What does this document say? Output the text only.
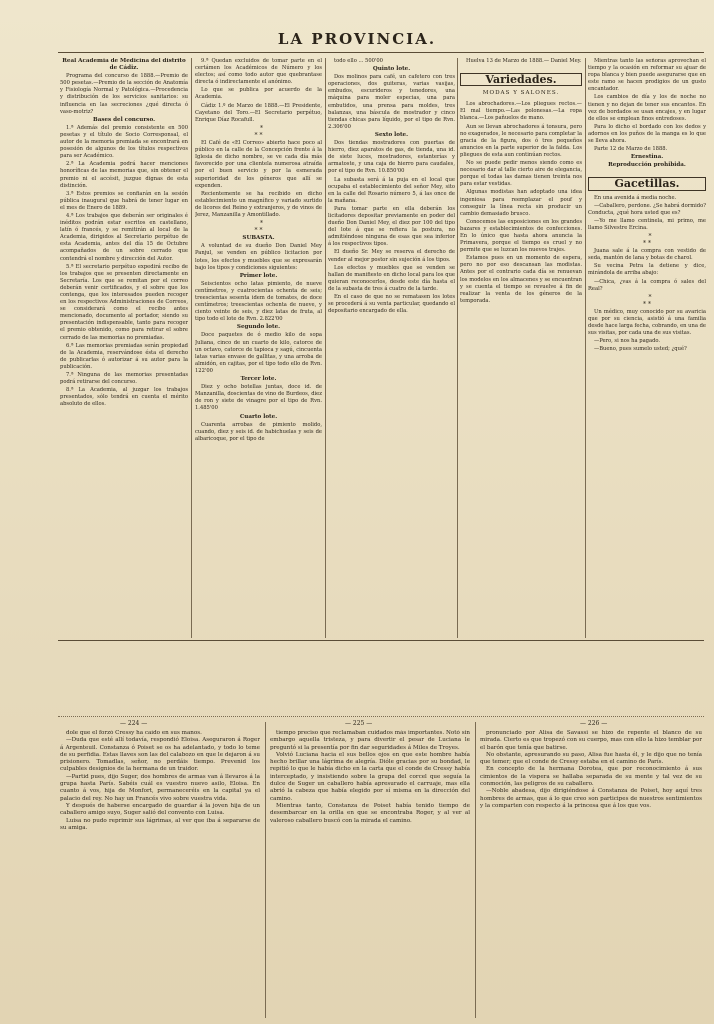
LA PROVINCIA.

Real Academia de Medicina del distrito de Cádiz.

Programa del concurso de 1888.—Premio de 500 pesetas.—Premio de la sección de Anatomía y Fisiología Normal y Patológica.—Procedencia y distribución de los servicios sanitarios: su influencia en las secreciones ¿qué directa ó vaso-motriz?

Bases del concurso.

1.ª Además del premio consistente en 500 pesetas y el título de Socio Corresponsal, el autor de la memoria premiada se encontrará en posesión de algunos de los títulos respectivos para ser Académico.

2.ª La Academia podrá hacer menciones honoríficas de las memorias que, sin obtener el premio ni el accésit, juzgue dignas de esta distinción.

3.ª Estos premios se confiarán en la sesión pública inaugural que habrá de tener lugar en el mes de Enero de 1889.

4.ª Los trabajos que deberán ser originales é inéditos podrán estar escritos en castellano, latín ó francés, y se remitirán al local de la Academia, dirigidos al Secretario perpétuo de esta Academia, antes del día 15 de Octubre acompañados de un sobre cerrado que contendrá el nombre y dirección del Autor.

5.ª El secretario perpétuo expedirá recibo de los trabajos que se presenten directamente en Secretaría. Los que se remitan por el correo deberán venir certificados, y el sobre que los contenga, que los interesados pueden recoger en los respectivos Administraciones de Correos, se considerará como el recibo antes mencionado, documento al portador, siendo su presentación indispensable, tanto para recoger el premio obtenido, como para retirar el sobre cerrado de las memorias no premiadas.

6.ª Las memorias premiadas serán propiedad de la Academia, reservándose ésta el derecho de publicarlas ó autorizar á su autor para la publicación.

7.ª Ninguna de las memorias presentadas podrá retirarse del concurso.

8.ª La Academia, al juzgar los trabajos presentados, sólo tendrá en cuenta el mérito absoluto de ellos.

9.ª Quedan excluidos de tomar parte en el certámen los Académicos de Número y los electos; así como todo autor que quebrantase directa ó indirectamente el anónimo.

Lo que se publica por acuerdo de la Academia.

Cádiz 1.º de Marzo de 1888.—El Presidente, Cayetano del Toro.—El Secretario perpétuo, Enrique Díaz Rocafull.

*
* *

El Café de «El Correo» abierto hace poco al público en la calle de la Concepción frente á la Iglesia de dicho nombre, se ve cada día más favorecido por una clientela numerosa atraída por el buen servicio y por la esmerada superioridad de los géneros que allí se expenden.

Recientemente se ha recibido en dicho establecimiento un magnífico y variado surtido de licores del Reino y extranjeros, y de vinos de Jerez, Manzanilla y Amontillado.

*
* *

SUBASTA.

A voluntad de su dueño Don Daniel Mey Panjul, se venden en público licitacion por lotes, los efectos y muebles que se expresarán bajo los tipos y condiciones siguientes:

Primer lote.

Seiscientos ocho latas pimiento, de nueve centímetros, y cuatrocientas ochenta de seis; treescientas sesenta idem de tomates, de doce centímetros; treescientas ochenta de nueve, y ciento veinte de seis, y diez latas de fruta, al tipo todo el lote de Rvn. 2.822'00

Segundo lote.

Doce paquetes de ó medio kilo de sopa Juliana, cinco de un cuarto de kilo, catorce de un octavo, catorce de tapioca y sagú, cincuenta latas varias envase de gallitas, y una arroba de almidón, en cajitas, por el tipo todo ello de Rvn. 122'00

Tercer lote.

Diez y ocho botellas juntas, doce id. de Manzanilla, doscientas de vino de Burdeos, diez de ron y siete de vinagre por el tipo de Rvn. 1.485'00

Cuarto lote.

Cuarenta arrobas de pimiento molido, cuando, diez y seis id. de habichuelas y seis de albaricoque, por el tipo de

todo ello ... 500'00

Quinto lote.

Dos molinos para café, un cafetero con tres operaciones, dos guiteras, varias vasijas, embudos, escurideros y tenedores, una máquina para moler especias, una para embutidos, una prensa para moldes, tres balanzas, una báscula de mostrador y cinco tiendas chicas para líquido, por el tipo de Rvn. 2.306'00

Sexto lote.

Dos tiendas mostradores con puertas de hierro, diez aparatos de gas, de tienda, una id. de siete luces, mostradores, estanterías y armatoste, y una caja de hierro para caudales, por el tipo de Rvn. 10.850'00

La subasta será á la puja en el local que ocupaba el establecimiento del señor Mey, sito en la calle del Rosario número 5, á las once de la mañana.

Para tomar parte en ella deberán los licitadores depositar previamente en poder del dueño Don Daniel Mey, el diez por 100 del tipo del lote á que se refiera la postura, no admitiéndose ninguna de esas que sea inferior á los respectivos tipos.

El dueño Sr. Mey se reserva el derecho de vender al mejor postor sin sujeción á los tipos.

Los efectos y muebles que se venden se hallan de manifiesto en dicho local para los que quieran reconocerlos, desde este día hasta el de la subasta de tres á cuatro de la tarde.

En el caso de que no se rematasen los lotes se procederá á su venta particular, quedando el depositario encargado de ella.

Huelva 13 de Marzo de 1888.— Daniel Mey.

Variedades.
MODAS Y SALONES.

Los abrochadores.—Los pliegues rectos.—El mal tiempo.—Las polonesas.—La ropa blanca.—Los pañuelos de mano.

Aun se llevan abrochadores á tonsura, pero no exagerados, le necesario para completar la gracia de la figura, dos ó tres pequeños anuncios en la parte superior de la falda. Los pliegues de esta aun continúan rectos.

No se puede pedir menos siendo como es necesario dar al talle cierto aire de elegancia, porque el todas las damas tienen treinta nos para estar vestidas.

Algunas modistas han adoptado una idea ingeniosa para reemplazar el pouf y conseguir la línea recta sin producir un cambio demasiado brusco.

Conocemos las exposiciones en los grandes bazares y establecimientos de confecciones. En lo único que hasta ahora anuncia la Primavera, porque el tiempo es cruel y no permite que se luzcan los nuevos trajes.

Estamos pues en un momento de espera, pero no por eso descansan las modistas. Antes por el contrario cada día se renuevan los modelos en los almacenes y se encuentran y se cuenta el tiempo se revuelve á fin de realizar la venta de los géneros de la temporada.

Mientras tanto las señoras aprovechan el tiempo y la ocasión en reformar su ajuar de ropa blanca y bien puede asegurarse que en este ramo se hacen prodigios de un gusto encantador.

Los cambios de día y los de noche no tienen y no dejan de tener sus encantos. En vez de bordados se usan encajes, y en lugar de ellos se emplean finos entredoses.

Para lo dicho el bordado con los dedos y adornos en los puños de la manga es lo que se lleva ahora.

Parte 12 de Marzo de 1888.

Ernestina.

Reproducción prohibida.

Gacetillas.

En una avenida á media noche.

—Caballero, perdone. ¿Se habrá dormido? Conducta, ¿qué hora usted que es?

—Yo me llamo centinela, mi primo, me llamo Silvestre Ercina.

*
* *

Juana sale á la compra con vestido de seda, mantón de lana y botas de charol.

Su vecina Petra la detiene y dice, mirándola de arriba abajo:

—Chica, ¿vas á la compra ó sales del Real?

*
* *

Un médico, muy conocido por su avaricia que por su ciencia, asistió á una familia desde hace larga fecha, cobrando, en una de sus visitas, por cada una de sus visitas.

—Pero, si nos ha pagado.

—Bueno, pues sumelo usted; ¿qué?

— 224 —	— 225 —	— 226 —

dole que el forzó Cressy ha caído en sus manos.

—Duda que esté allí todavía, respondió Eloisa. Aseguraron á Roger á Argenteuil. Constanza ó Poiset se os ha adelantado, y todo lo teme de su perfidia. Estas llaves son las del calabozo en que le dejaron á su prisionero. Tomadlas, señor, no perdáis tiempo. Prevenid los culpables designios de la hermana de un traidor.

—Partid pues, dijo Suger, dos hombres de armas van á llevaros á la grupa hasta París. Sabéis cuál es vuestro nuevo asilo, Eloisa. En cuanto á vos, hija de Monfort, permaneceréis en la capital ya el palacio del rey. No hay un Francés vivo sobre vuestra vida.

Y después de haberse encargado de guardar á la joven hija de un caballero amigo suyo, Suger salió del convento con Luisa.

Luisa no pudo reprimir sus lágrimas, al ver que iba á separarse de su amiga.

tiempo preciso que reclamaban cuidados más importantes. Notó sin embargo aquella tristeza, y para divertir el pesar de Luciana le preguntó si la presentía por fin dar seguridades á Miles de Troyes.

Volvió Luciana hacia el sus bellos ojos en que este hombre había hecho brillar una lágrima de alegría. Dióle gracias por su bondad, le repitió lo que le había dicho en la carta que el conde de Cressy había interceptado, y insistiendo sobre la grupa del corcel que seguía la dulce de Suger un caballero había apresurado el carruaje, mas ella abrió la cabeza que había elegido por sí misma en la dirección del camino.

Mientras tanto, Constanza de Poiset había tenido tiempo de desembarcar en la orilla en que se encontraba Roger, y al ver al valeroso caballero buscó con la mirada el camino.

pronunciado por Alisa de Savassi se hizo de repente el blanco de su mirada. Cierto es que tropezó con su cuerpo, mas con ello la hizo temblar por el barón que tenía que batirse.

No obstante, apresurando su paso, Alisa fue hasta él, y le dijo que no tenía que temer; que el conde de Cressy estaba en el camino de París.

En concepto de la hermana Dorotea, que por reconocimiento á sus cimientos de la vispera se hallaba separada de su mente y tal vez de su conmoción, las peligros de su caballero.

—Noble abadesa, dijo dirigiéndose á Constanza de Poiset, hoy aquí tres hombres de armas, que á lo que creo son participes de nuestros sentimientos y la comparten con respecto á la princesa que á los que vos.
